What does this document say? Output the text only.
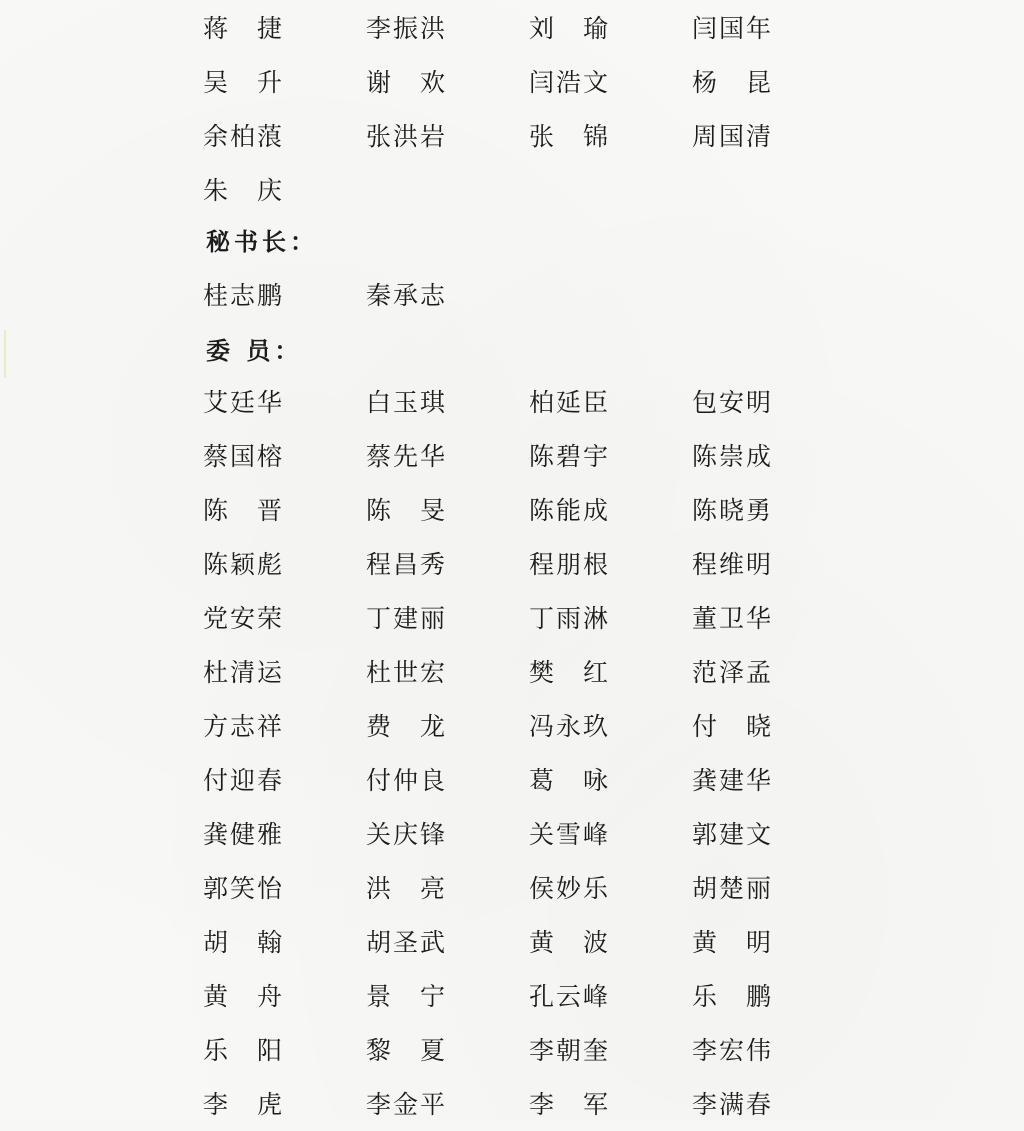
蒋　捷	李振洪	刘　瑜	闫国年
吴　升	谢　欢	闫浩文	杨　昆
余柏蒗	张洪岩	张　锦	周国清
朱　庆
秘书长：
桂志鹏	秦承志
委 员：
艾廷华	白玉琪	柏延臣	包安明
蔡国榕	蔡先华	陈碧宇	陈崇成
陈　晋	陈　旻	陈能成	陈晓勇
陈颖彪	程昌秀	程朋根	程维明
党安荣	丁建丽	丁雨淋	董卫华
杜清运	杜世宏	樊　红	范泽孟
方志祥	费　龙	冯永玖	付　晓
付迎春	付仲良	葛　咏	龚建华
龚健雅	关庆锋	关雪峰	郭建文
郭笑怡	洪　亮	侯妙乐	胡楚丽
胡　翰	胡圣武	黄　波	黄　明
黄　舟	景　宁	孔云峰	乐　鹏
乐　阳	黎　夏	李朝奎	李宏伟
李　虎	李金平	李　军	李满春
